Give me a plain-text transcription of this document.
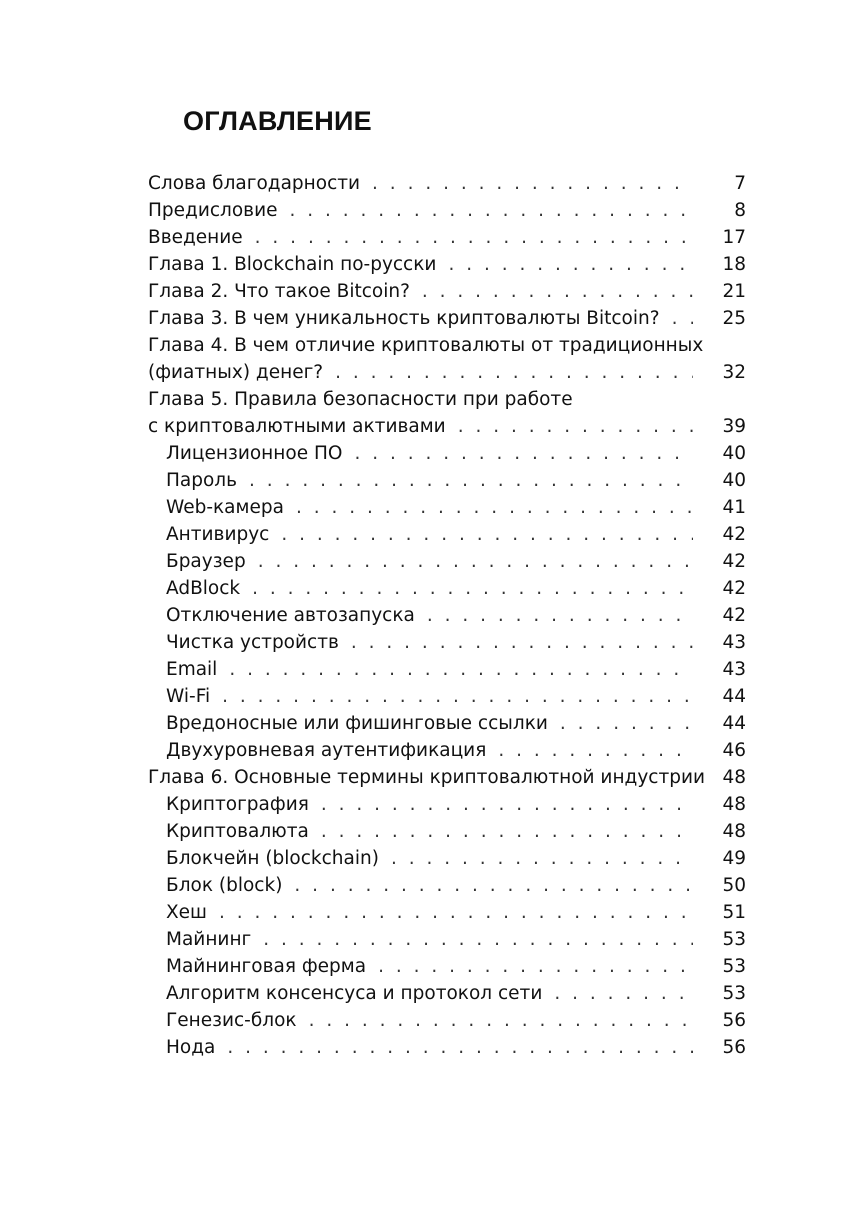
ОГЛАВЛЕНИЕ
Слова благодарности . . .	7
Предисловие . . .	8
Введение . . .	17
Глава 1. Blockchain по-русски . . .	18
Глава 2. Что такое Bitcoin? . . .	21
Глава 3. В чем уникальность криптовалюты Bitcoin? . . .	25
Глава 4. В чем отличие криптовалюты от традиционных
(фиатных) денег? . . .	32
Глава 5. Правила безопасности при работе
с криптовалютными активами . . .	39
Лицензионное ПО . . .	40
Пароль . . .	40
Web-камера . . .	41
Антивирус . . .	42
Браузер . . .	42
AdBlock . . .	42
Отключение автозапуска . . .	42
Чистка устройств . . .	43
Email . . .	43
Wi-Fi . . .	44
Вредоносные или фишинговые ссылки . . .	44
Двухуровневая аутентификация . . .	46
Глава 6. Основные термины криптовалютной индустрии 48
Криптография . . .	48
Криптовалюта . . .	48
Блокчейн (blockchain) . . .	49
Блок (block) . . .	50
Хеш . . .	51
Майнинг . . .	53
Майнинговая ферма . . .	53
Алгоритм консенсуса и протокол сети . . .	53
Генезис-блок . . .	56
Нода . . .	56
